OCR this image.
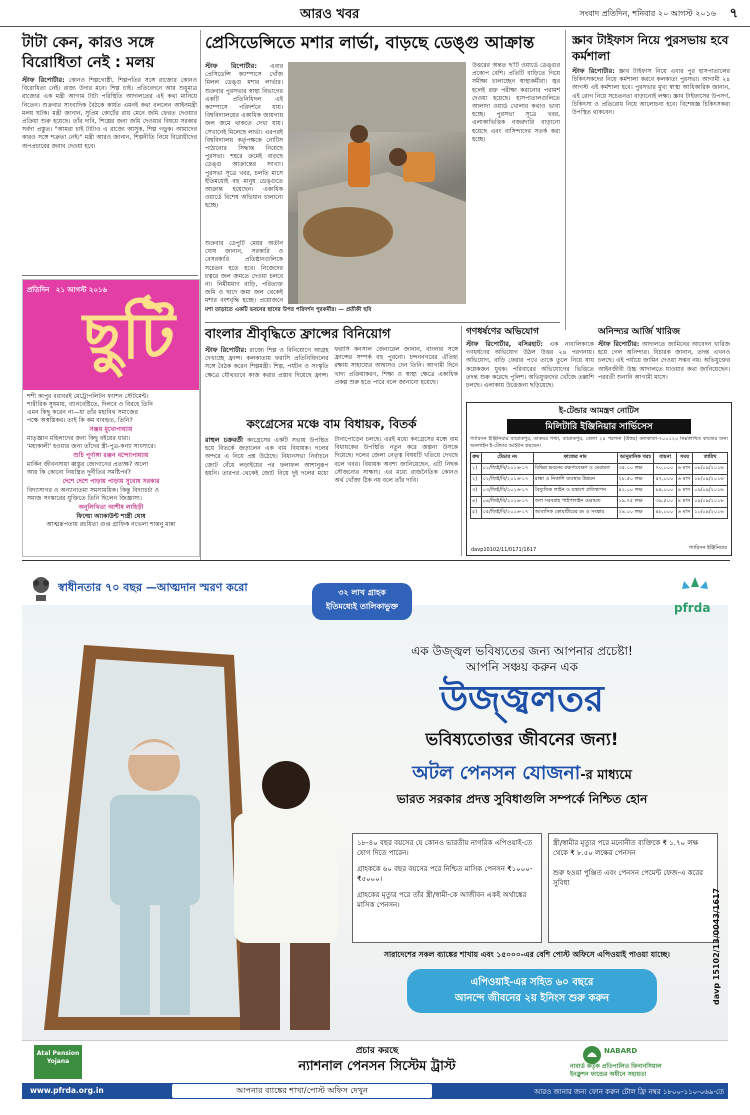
আরও খবর	সংবাদ প্রতিদিন, শনিবার ২০ আগস্ট ২০১৬ ৭
টাটা কেন, কারও সঙ্গে বিরোধিতা নেই : মলয়
স্টাফ রিপোর্টার: কোনও শিল্পগোষ্ঠী, শিল্পপতির সঙ্গে রাজ্যের কোনও বিরোধিতা নেই। রাজ্য উদার মনে। শিল্প চাই। প্রতিবেদনে আর শুধুমাত্র রাজ্যের এক মন্ত্রী আগাম টাটা পরিস্থিতি আদালতের এই কথা মানিয়ে নিতেন। শুক্রবার সাংবাদিক বৈঠকে কার্যত এমনই কথা বললেন আইনমন্ত্রী মলয় ঘটক। মন্ত্রী জানান, সুপ্রিম কোর্টের রায় মেনে জমি ফেরত দেওয়ার প্রক্রিয়া শুরু হয়েছে। তাঁর দাবি, শিল্পের জন্য জমি দেওয়ার বিষয়ে সরকার সর্বদা প্রস্তুত। "আমরা চাই টাটাও এ রাজ্যে আসুক, শিল্প গড়ুক। আমাদের কারও সঙ্গে শত্রুতা নেই।" মন্ত্রী আরও জানান, শিল্পনীতি নিয়ে বিরোধীদের অপপ্রচারের জবাব দেওয়া হবে।
প্রেসিডেন্সিতে মশার লার্ভা, বাড়ছে ডেঙ্গু আক্রান্ত
স্টাফ রিপোর্টার: এবার প্রেসিডেন্সি ক্যাম্পাসে খোঁজ মিলল ডেঙ্গু মশার লার্ভার। শুক্রবার পুরসভার স্বাস্থ্য বিভাগের একটি প্রতিনিধিদল এই ক্যাম্পাসে পরিদর্শনে যায়। বিশ্ববিদ্যালয়ের একাধিক জায়গায় জল জমে থাকতে দেখা যায়। সেখানেই মিলেছে লার্ভা। এরপরই বিশ্ববিদ্যালয় কর্তৃপক্ষকে নোটিস পাঠানোর সিদ্ধান্ত নিয়েছে পুরসভা। শহরে ক্রমেই বাড়ছে ডেঙ্গু আক্রান্তের সংখ্যা। পুরসভা সূত্রে খবর, চলতি মাসে ইতিমধ্যেই বহু মানুষ ডেঙ্গুতে আক্রান্ত হয়েছেন। একাধিক ওয়ার্ডে বিশেষ অভিযান চালানো হচ্ছে।
মশা তাড়াতে একটি ভবনের ছাদের উপর পরিদর্শন পুরকর্মীর। — প্রতীকী ছবি
শুক্রবার ডেপুটি মেয়র অতীন ঘোষ জানান, সরকারি ও বেসরকারি প্রতিষ্ঠানগুলিকে সচেতন হতে হবে। নিজেদের চত্বরে জল জমতে দেওয়া চলবে না। নির্মীয়মাণ বাড়ি, পরিত্যক্ত জমি ও ছাদে জমা জল থেকেই মশার বংশবৃদ্ধি হচ্ছে। প্রয়োজনে
উত্তরের অন্তত ছ'টি ওয়ার্ডে ডেঙ্গুর প্রকোপ বেশি। প্রতিটি বাড়িতে গিয়ে সমীক্ষা চালাচ্ছেন স্বাস্থ্যকর্মীরা। জ্বর হলেই রক্ত পরীক্ষা করানোর পরামর্শ দেওয়া হয়েছে। হাসপাতালগুলিতে আলাদা ওয়ার্ড খোলার কথাও ভাবা হচ্ছে। পুরসভা সূত্রে খবর, এলাকাভিত্তিক নজরদারি বাড়ানো হয়েছে এবং বাসিন্দাদের সতর্ক করা হচ্ছে।
স্ক্রাব টাইফাস নিয়ে পুরসভায় হবে কর্মশালা
স্টাফ রিপোর্টার: স্ক্রাব টাইফাস নিয়ে এবার পুর হাসপাতালের চিকিৎসকদের নিয়ে কর্মশালা করবে কলকাতা পুরসভা। আগামী ২৪ আগস্ট এই কর্মশালা হবে। পুরসভার মুখ্য স্বাস্থ্য আধিকারিক জানান, এই রোগ নিয়ে সচেতনতা বাড়ানোই লক্ষ্য। স্ক্রাব টাইফাসের উপসর্গ, চিকিৎসা ও প্রতিরোধ নিয়ে আলোচনা হবে। বিশেষজ্ঞ চিকিৎসকরা উপস্থিত থাকবেন।
প্রতিদিন ২১ আগস্ট ২০১৬
ছুটি
শশী কাপুর বরাবরই মেট্রোপলিটন ফ্যাশন স্টেটমেন্ট।
শারীরিক সুষমায়, ব্যানবেষ্টিতে, দিলবে ও বিরহে তিনি
এমন কিছু করেন না—যা তাঁর মহাবিথ সমাজের
পক্ষে অস্বস্তিকর। তাই কি কম ব্যবহৃত, তিনি?
সঞ্জয় মুখোপাধ্যায়
মাতৃজ্ঞান মহিলাদের জন্য কিছু বইয়ের ধারা।
'মহাকালী' হওয়ার জন্য তাঁদের স্ত্রী-পুত্র-কন্যা সাংসারে।
শুচি পূর্ণাঙ্গা রঞ্জন বন্দ্যোপাধ্যায়
মার্কিন জীবনসায়া ধ্বস্তুর জোগানের প্রত্যক্ষ? অলো
আর কি কোনো নিয়ন্ত্রিত দুর্নীতির সমষ্টিপর্ব?
দেশে দেশে পাড়ায় পাড়ায় সুবোধ সরকার
বিদ্যাসাগর ও অন্যান্যতমা সমসাময়িক। কিন্তু বিদ্যাচর্চা ও
সমাজ সংস্কারের যুক্তিতে তিনি ছিলেন জিজ্ঞাস্য।
অনুলিখিতা আশীষ লাহিড়ী
ফিল্মো অ্যাকাউন্ট শাস্ত্রী ঘোষ
আত্মরূপতায় রচয়িতা গুপ্ত গ্রাফিক নভেলা শান্তনু মান্না
বাংলার শ্রীবৃদ্ধিতে ফ্রান্সের বিনিয়োগ
স্টাফ রিপোর্টার: রাজ্যে শিল্প ও বিনিয়োগে আগ্রহ দেখাচ্ছে ফ্রান্স। কলকাতায় ফরাসি প্রতিনিধিদলের সঙ্গে বৈঠক করেন শিল্পমন্ত্রী। শিল্প, পর্যটন ও সংস্কৃতি ক্ষেত্রে যৌথভাবে কাজ করার প্রস্তাব দিয়েছে ফ্রান্স। ফরাসি কনসাল জেনারেল জানান, বাংলার সঙ্গে ফ্রান্সের সম্পর্ক বহু পুরনো। চন্দননগরের ঐতিহ্য রক্ষায় সাহায্যের আশ্বাসও দেন তিনি। আগামী দিনে খাদ্য প্রক্রিয়াকরণ, শিক্ষা ও স্বাস্থ্য ক্ষেত্রে একাধিক প্রকল্প শুরু হতে পারে বলে জানানো হয়েছে।
কংগ্রেসের মঞ্চে বাম বিধায়ক, বিতর্ক
রাহুল চক্রবর্তী কংগ্রেসের একটি সভায় উপস্থিত হয়ে বিতর্কে জড়ালেন এক বাম বিধায়ক। দলের অন্দরে এ নিয়ে প্রশ্ন উঠেছে। বিধানসভা নির্বাচনে জোট বেঁধে লড়াইয়ের পর ফলাফল আশানুরূপ হয়নি। তারপর থেকেই জোট নিয়ে দুই দলের মধ্যে টানাপোড়েন চলছে। এরই মধ্যে কংগ্রেসের মঞ্চে বাম বিধায়কের উপস্থিতি নতুন করে জল্পনা উসকে দিয়েছে। দলের জেলা নেতৃত্ব বিষয়টি খতিয়ে দেখছে বলে খবর। বিধায়ক অবশ্য জানিয়েছেন, এটি নিছক সৌজন্যের সাক্ষাৎ। এর মধ্যে রাজনৈতিক কোনও অর্থ খোঁজা ঠিক নয় বলে তাঁর দাবি।
গণধর্ষণের অভিযোগ
স্টাফ রিপোর্টার, বসিরহাট: এক নাবালিকাকে গণধর্ষণের অভিযোগ উঠল উত্তর ২৪ পরগনায়। অভিযোগ, বাড়ি ফেরার পথে তাকে তুলে নিয়ে যায় কয়েকজন যুবক। পরিবারের অভিযোগের ভিত্তিতে তদন্ত শুরু করেছে পুলিশ। অভিযুক্তদের খোঁজে তল্লাশি চলছে। এলাকায় উত্তেজনা ছড়িয়েছে।
অনিন্দ্যর আর্জি খারিজ
স্টাফ রিপোর্টার: আদালতে জামিনের আবেদন খারিজ হয়ে গেল অনিন্দ্যর। বিচারক জানান, তদন্ত এখনও চলছে। এই পর্যায়ে জামিন দেওয়া সম্ভব নয়। অভিযুক্তের আইনজীবী উচ্চ আদালতে যাওয়ার কথা জানিয়েছেন। পরবর্তী শুনানি আগামী মাসে।
ই-টেন্ডার আমন্ত্রণ নোটিস
মিলিটারি ইঞ্জিনিয়ার সার্ভিসেস
গ্যারিসন ইঞ্জিনিয়ার ব্যারাকপুর, ডাকঘর পল্টা, ব্যারাকপুর, জেলা ২৪ পরগনা (উত্তর) কলকাতা-৭০০১২০ নিম্নলিখিত কাজের জন্য অনলাইন ই-টেন্ডার আহ্বান করছেন।
ক্রম	টেন্ডার নং	কাজের নাম	আনুমানিক খরচ	বায়না	সময়	তারিখ
১)	০১/জিই/বি/২০১৬-১৭	বিভিন্ন ভবনের রক্ষণাবেক্ষণ ও মেরামত	৩৫.০০ লক্ষ	৭০,০০০	৬ মাস	০৮/০৯/২০১৬
২)	০২/জিই/বি/২০১৬-১৭	রাস্তা ও নিকাশি ব্যবস্থার উন্নয়ন	২৮.৫০ লক্ষ	৫৭,০০০	৬ মাস	০৮/০৯/২০১৬
৩)	০৩/জিই/বি/২০১৬-১৭	বৈদ্যুতিক লাইন ও যন্ত্রাংশ প্রতিস্থাপন	৪২.০০ লক্ষ	৮৪,০০০	৯ মাস	০৯/০৯/২০১৬
৪)	০৪/জিই/বি/২০১৬-১৭	জল সরবরাহ পাইপলাইন মেরামত	১৯.৭৫ লক্ষ	৩৯,৫০০	৪ মাস	০৯/০৯/২০১৬
৫)	০৫/জিই/বি/২০১৬-১৭	আবাসিক কোয়ার্টারের রং ও সংস্কার	২৪.০০ লক্ষ	৪৮,০০০	৬ মাস	১০/০৯/২০১৬
davp10102/11/0171/1617	গ্যারিসন ইঞ্জিনিয়ার
স্বাধীনতার ৭০ বছর —আত্মদান স্মরণ করো	৩২ লাখ গ্রাহক
ইতিমধ্যেই তালিকাভুক্ত	pfrda
এক উজ্জ্বল ভবিষ্যতের জন্য আপনার প্রচেষ্টা!
আপনি সঞ্চয় করুন এক
উজ্জ্বলতর
ভবিষ্যতোত্তর জীবনের জন্য!
অটল পেনসন যোজনা-র মাধ্যমে
ভারত সরকার প্রদত্ত সুবিধাগুলি সম্পর্কে নিশ্চিত হোন
১৮-৪০ বছর বয়সের যে কোনও ভারতীয় নাগরিক এপিওয়াই-তে যোগ দিতে পারেন।
গ্রাহককে ৬০ বছর বয়সের পরে নিশ্চিত মাসিক পেনসন ₹১০০০-₹৫০০০।
গ্রাহকের মৃত্যুর পরে তাঁর স্ত্রী/স্বামী-কে আজীবন একই অর্থাঙ্কের মাসিক পেনসন।
স্ত্রী/স্বামীর মৃত্যুর পরে মনোনীত ব্যক্তিকে ₹ ১.৭০ লক্ষ থেকে ₹ ৮.৫০ লক্ষের পেনসন
শুরু হওয়া পুঞ্জিত এবং পেনসন পেমেন্ট ফেজ-এ করের সুবিধা
সারাদেশের সকল ব্যাঙ্কের শাখায় এবং ১৫০০০-এর বেশি পোস্ট অফিসে এপিওয়াই পাওয়া যাচ্ছে।
এপিওয়াই-এর সহিত ৬০ বছরে
আনন্দে জীবনের ২য় ইনিংস শুরু করুন	davp 15102/13/0043/1617
Atal Pension Yojana
প্রচার করছে
ন্যাশনাল পেনসন সিস্টেম ট্রাস্ট
NABARD
নাবার্ড কর্তৃক প্রতিপালিত ফিনানসিয়াল
ইনক্লুশন ফান্ডের অধীনে সহায়তা
www.pfrda.org.in	আপনার ব্যাঙ্কের শাখা/পোস্ট অফিস দেখুন	আরও জানার জন্য ফোন করুন টোল ফ্রি নম্বর ১৮০০-১১০-০৬৯-তে
